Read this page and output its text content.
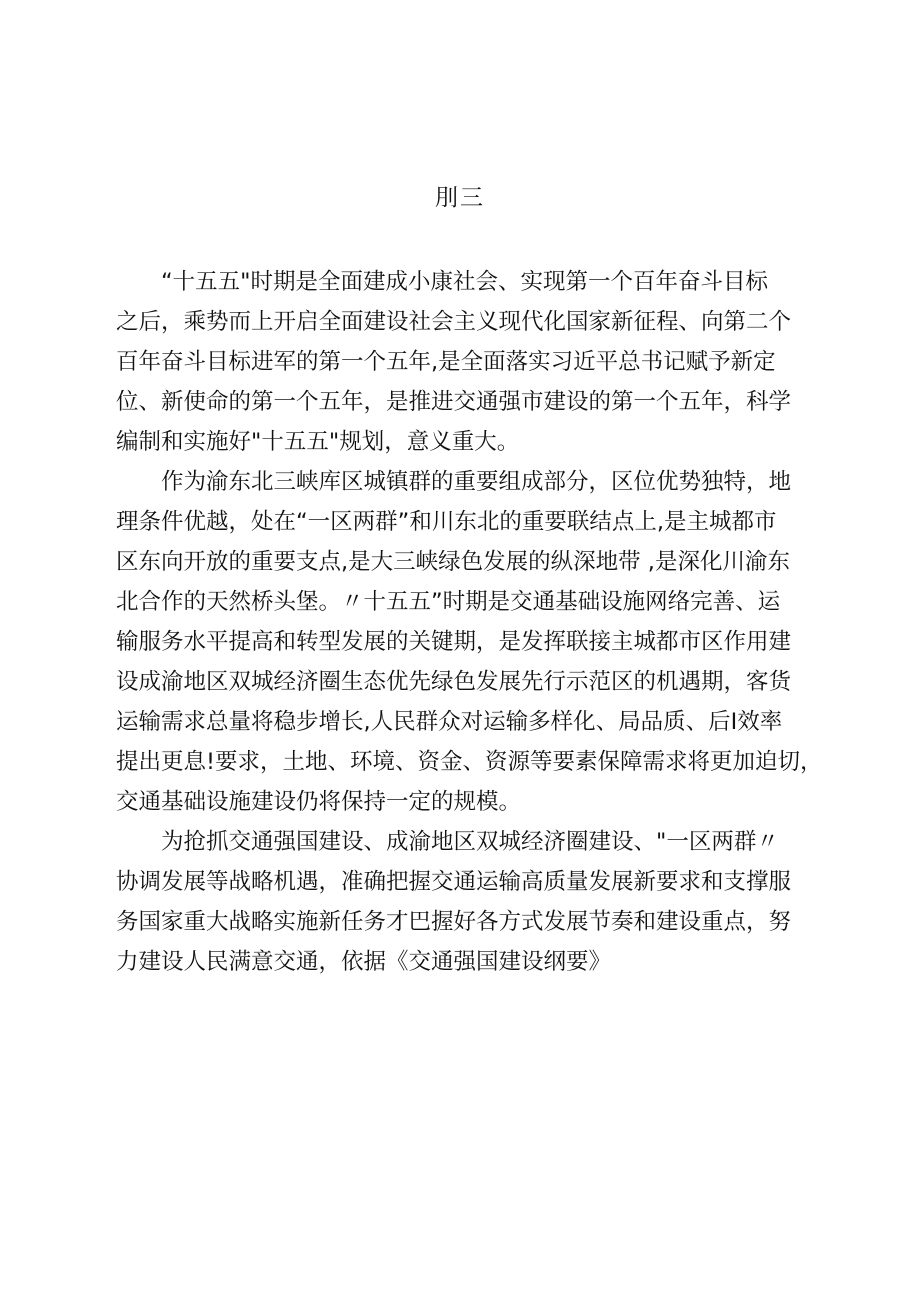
刖三
“十五五"时期是全面建成小康社会、实现第一个百年奋斗目标
之后，乘势而上开启全面建设社会主义现代化国家新征程、向第二个
百年奋斗目标进军的第一个五年,是全面落实习近平总书记赋予新定
位、新使命的第一个五年，是推进交通强市建设的第一个五年，科学
编制和实施好"十五五"规划，意义重大。
作为渝东北三峡库区城镇群的重要组成部分，区位优势独特，地
理条件优越，处在“一区两群”和川东北的重要联结点上,是主城都市
区东向开放的重要支点,是大三峡绿色发展的纵深地带 ,是深化川渝东
北合作的天然桥头堡。〃十五五”时期是交通基础设施网络完善、运
输服务水平提高和转型发展的关键期，是发挥联接主城都市区作用建
设成渝地区双城经济圈生态优先绿色发展先行示范区的机遇期，客货
运输需求总量将稳步增长,人民群众对运输多样化、局品质、后I效率
提出更息!要求，土地、环境、资金、资源等要素保障需求将更加迫切，
交通基础设施建设仍将保持一定的规模。
为抢抓交通强国建设、成渝地区双城经济圈建设、"一区两群〃
协调发展等战略机遇，准确把握交通运输高质量发展新要求和支撑服
务国家重大战略实施新任务才巴握好各方式发展节奏和建设重点，努
力建设人民满意交通，依据《交通强国建设纲要》
